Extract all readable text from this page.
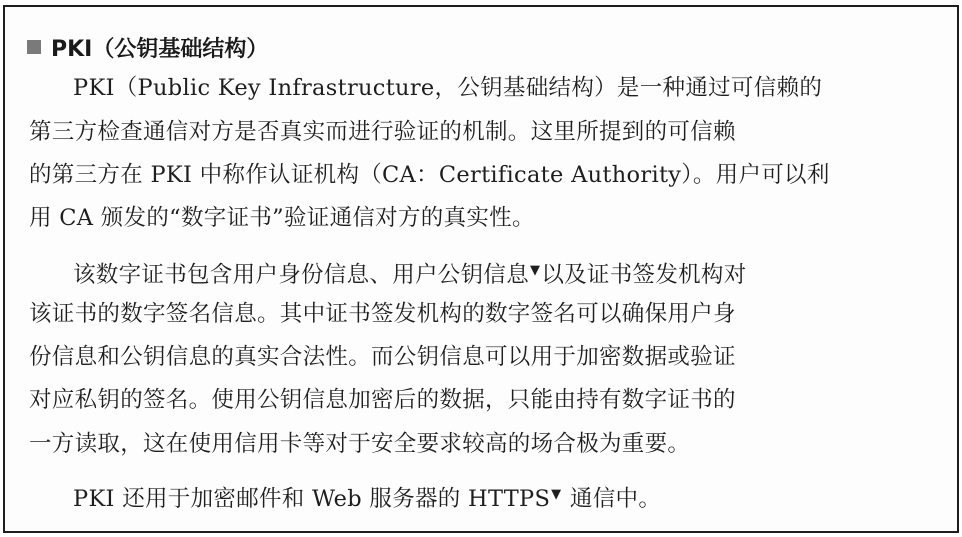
PKI（公钥基础结构）
PKI（Public Key Infrastructure，公钥基础结构）是一种通过可信赖的
第三方检查通信对方是否真实而进行验证的机制。这里所提到的可信赖
的第三方在 PKI 中称作认证机构（CA：Certificate Authority）。用户可以利
用 CA 颁发的“数字证书”验证通信对方的真实性。
该数字证书包含用户身份信息、用户公钥信息▼以及证书签发机构对
该证书的数字签名信息。其中证书签发机构的数字签名可以确保用户身
份信息和公钥信息的真实合法性。而公钥信息可以用于加密数据或验证
对应私钥的签名。使用公钥信息加密后的数据，只能由持有数字证书的
一方读取，这在使用信用卡等对于安全要求较高的场合极为重要。
PKI 还用于加密邮件和 Web 服务器的 HTTPS▼ 通信中。
